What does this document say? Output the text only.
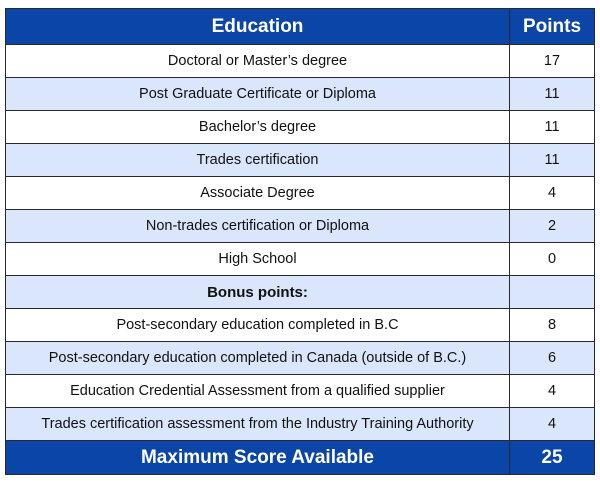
Education	Points
Doctoral or Master’s degree	17
Post Graduate Certificate or Diploma	11
Bachelor’s degree	11
Trades certification	11
Associate Degree	4
Non-trades certification or Diploma	2
High School	0
Bonus points:	
Post-secondary education completed in B.C	8
Post-secondary education completed in Canada (outside of B.C.)	6
Education Credential Assessment from a qualified supplier	4
Trades certification assessment from the Industry Training Authority	4
Maximum Score Available	25
